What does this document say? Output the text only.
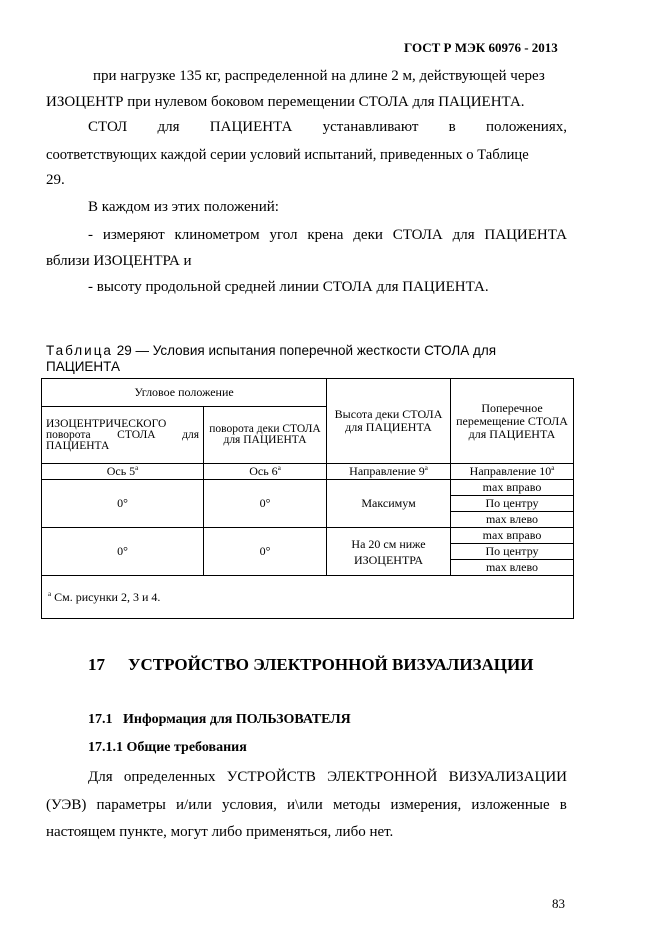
ГОСТ Р МЭК 60976 - 2013
при нагрузке 135 кг, распределенной на длине 2 м, действующей через
ИЗОЦЕНТР при нулевом боковом перемещении СТОЛА для ПАЦИЕНТА.
СТОЛ для ПАЦИЕНТА устанавливают в положениях,
соответствующих каждой серии условий испытаний, приведенных о Таблице
29.
В каждом из этих положений:
- измеряют клинометром угол крена деки СТОЛА для ПАЦИЕНТА
вблизи ИЗОЦЕНТРА и
- высоту продольной средней линии СТОЛА для ПАЦИЕНТА.
Таблица 29 — Условия испытания поперечной жесткости СТОЛА для
ПАЦИЕНТА
Угловое положение		Высота деки СТОЛА для ПАЦИЕНТА	Поперечное перемещение СТОЛА для ПАЦИЕНТА

ИЗОЦЕНТРИЧЕСКОГО
поворота СТОЛА для
ПАЦИЕНТА	поворота деки СТОЛА для ПАЦИЕНТА		
Ось $5^а$	Ось $6^а$	Направление $9^а$	Направление $10^а$
0°	0°	Максимум	max вправо
			По центру
			max влево
0°	0°	На 20 см ниже ИЗОЦЕНТРА	max вправо
			По центру
			max влево
$^а$ См. рисунки 2, 3 и 4.			
17 УСТРОЙСТВО ЭЛЕКТРОННОЙ ВИЗУАЛИЗАЦИИ
17.1   Информация для ПОЛЬЗОВАТЕЛЯ
17.1.1 Общие требования
Для определенных УСТРОЙСТВ ЭЛЕКТРОННОЙ ВИЗУАЛИЗАЦИИ
(УЭВ) параметры и/или условия, и\или методы измерения, изложенные в
настоящем пункте, могут либо применяться, либо нет.
83
